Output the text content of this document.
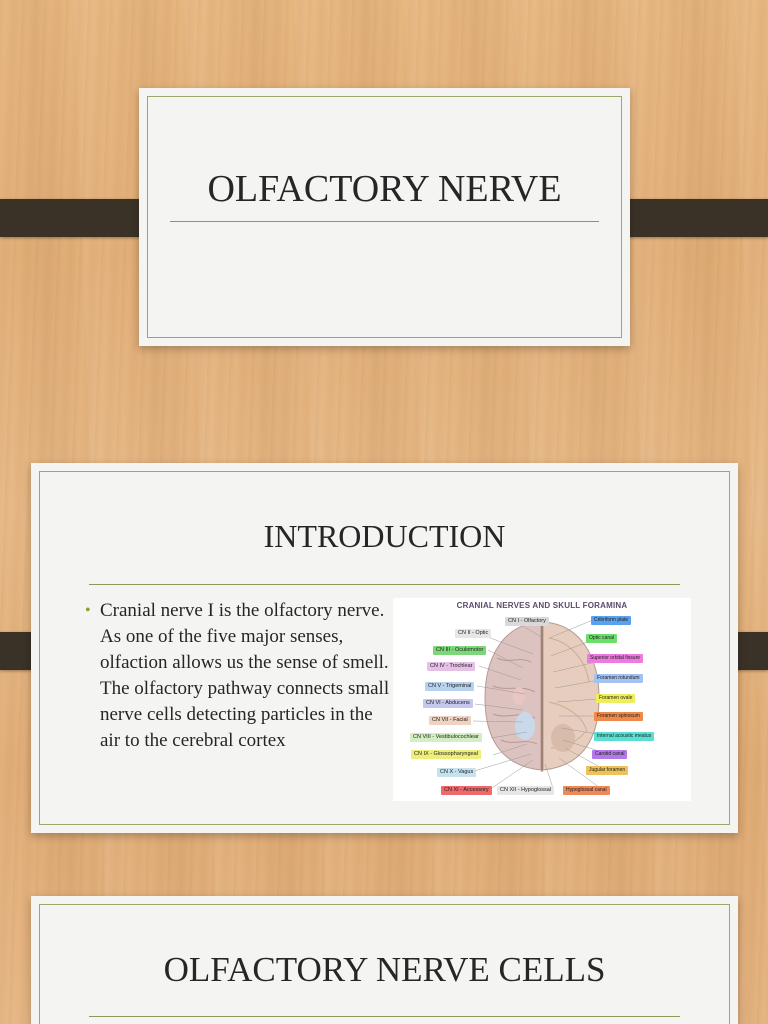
OLFACTORY NERVE
INTRODUCTION
• Cranial nerve I is the olfactory nerve. As one of the five major senses, olfaction allows us the sense of smell. The olfactory pathway connects small nerve cells detecting particles in the air to the cerebral cortex
CRANIAL NERVES AND SKULL FORAMINA
CN I - Olfactory
CN II - Optic
CN III - Oculomotor
CN IV - Trochlear
CN V - Trigeminal
CN VI - Abducens
CN VII - Facial
CN VIII - Vestibulocochlear
CN IX - Glossopharyngeal
CN X - Vagus
CN XI - Accessory	CN XII - Hypoglossal
Cribriform plate
Optic canal
Superior orbital fissure
Foramen rotundum
Foramen ovale
Foramen spinosum
Internal acoustic meatus
Carotid canal
Jugular foramen
Hypoglossal canal
OLFACTORY NERVE CELLS
